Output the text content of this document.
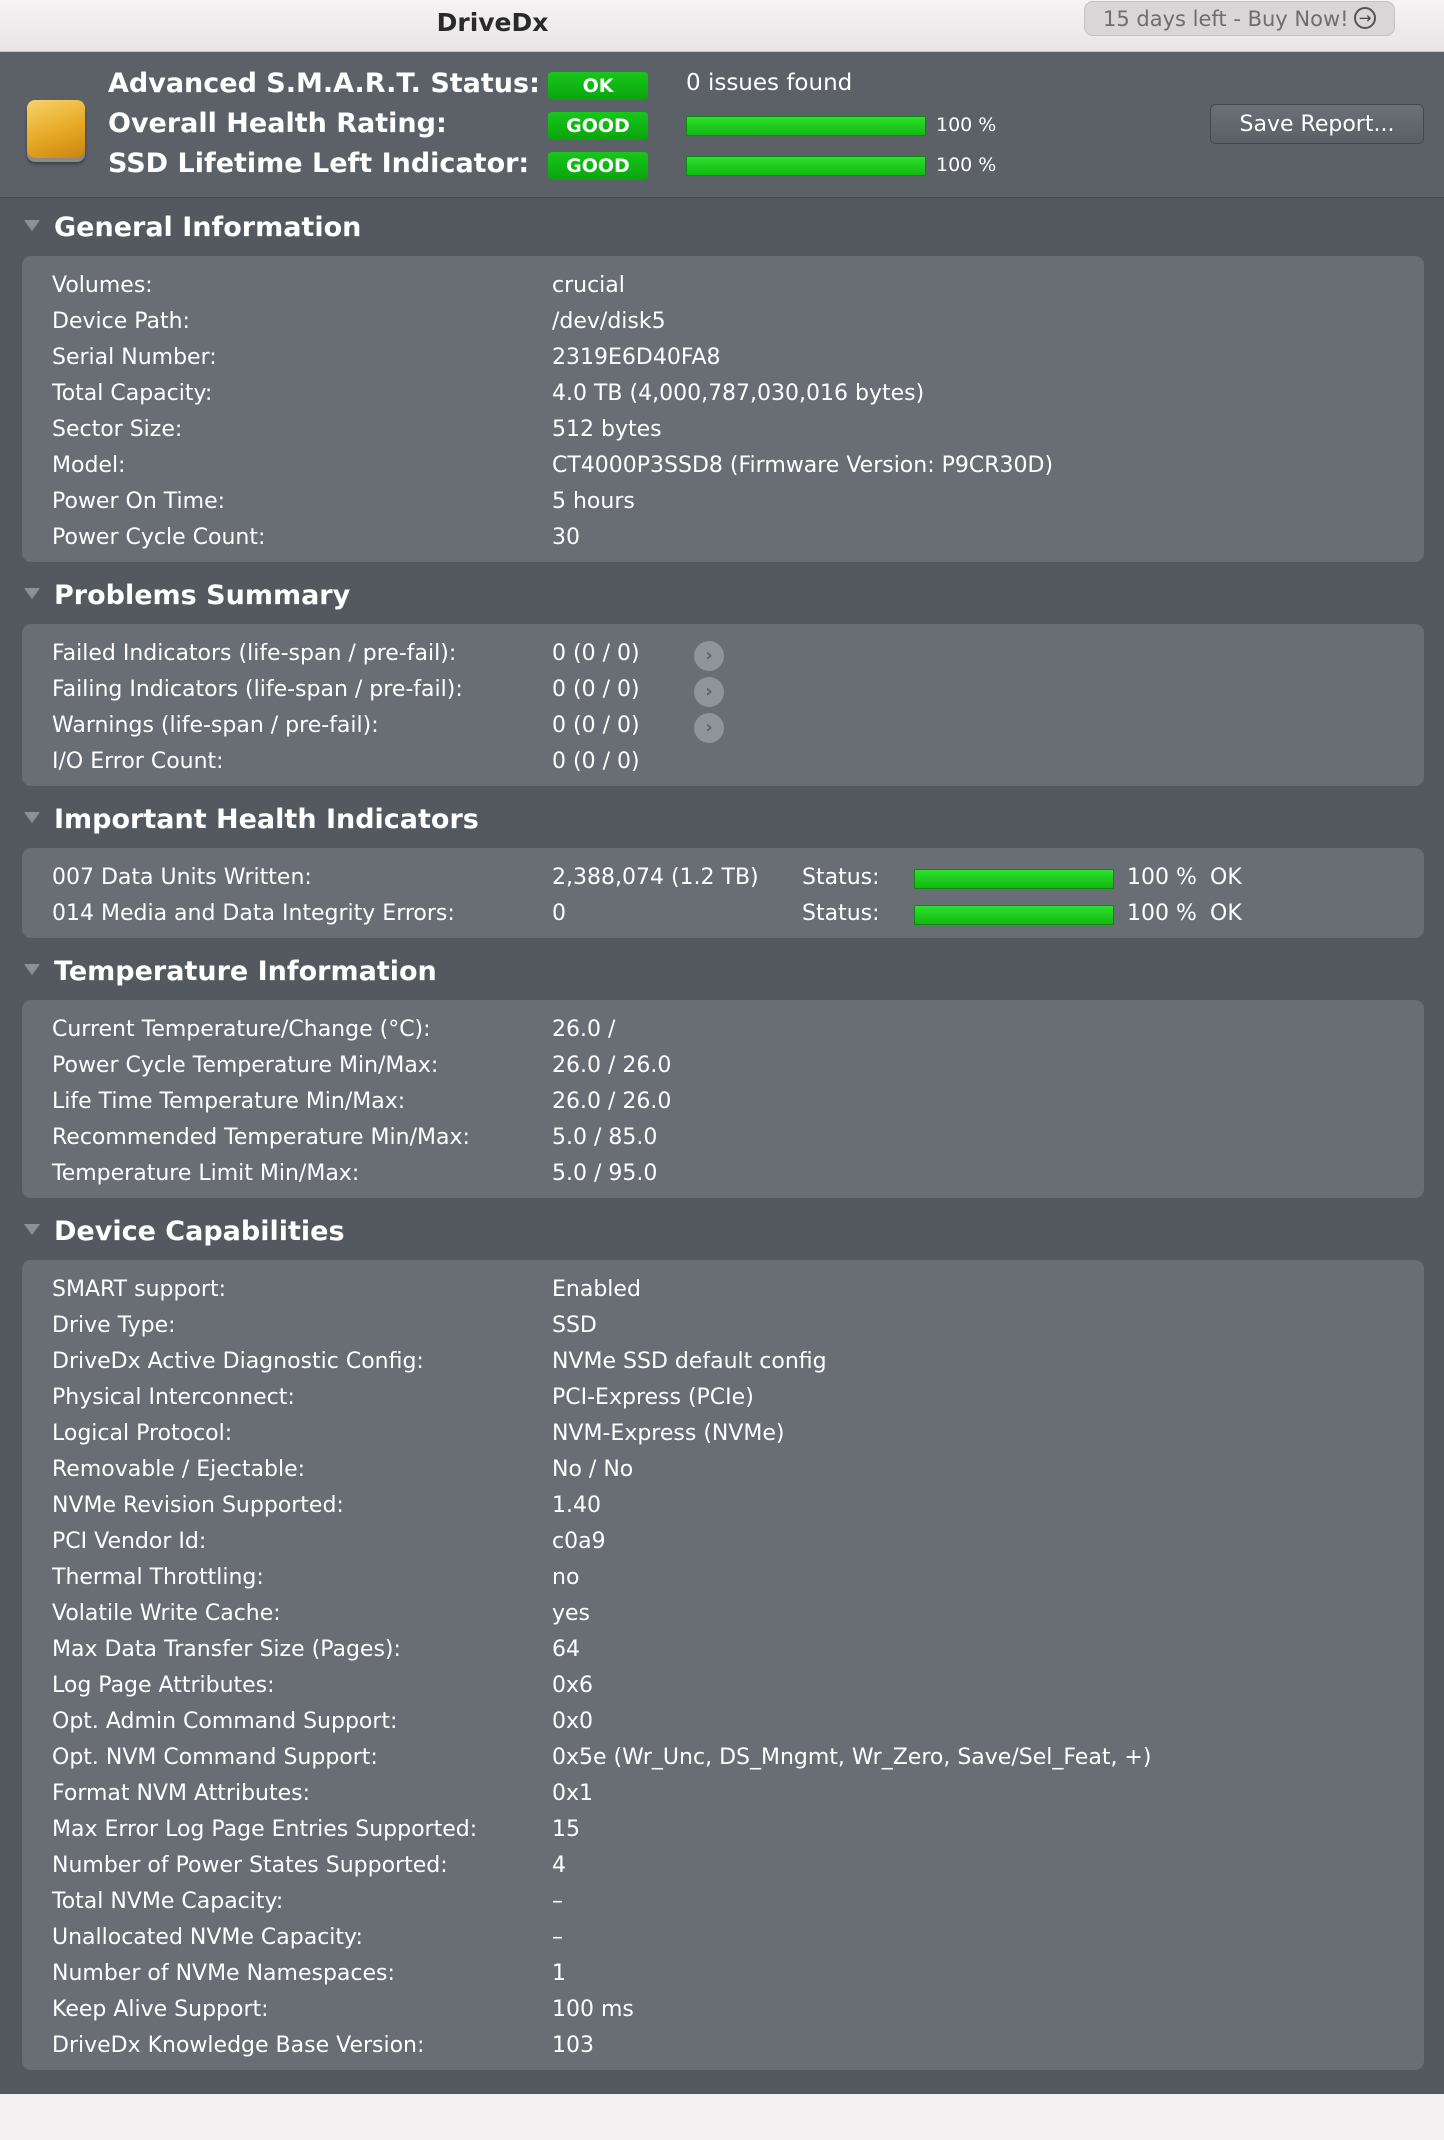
DriveDx	15 days left - Buy Now! →
Advanced S.M.A.R.T. Status:	OK	0 issues found
Overall Health Rating:	GOOD	100 %
SSD Lifetime Left Indicator:	GOOD	100 %
Save Report...
General Information
Volumes:	crucial
Device Path:	/dev/disk5
Serial Number:	2319E6D40FA8
Total Capacity:	4.0 TB (4,000,787,030,016 bytes)
Sector Size:	512 bytes
Model:	CT4000P3SSD8 (Firmware Version: P9CR30D)
Power On Time:	5 hours
Power Cycle Count:	30
Problems Summary
Failed Indicators (life-span / pre-fail):	0 (0 / 0)	›
Failing Indicators (life-span / pre-fail):	0 (0 / 0)	›
Warnings (life-span / pre-fail):	0 (0 / 0)	›
I/O Error Count:	0 (0 / 0)
Important Health Indicators
007 Data Units Written:	2,388,074 (1.2 TB) Status:	100 % OK
014 Media and Data Integrity Errors:	0	Status:	100 % OK
Temperature Information
Current Temperature/Change (°C):	26.0 /
Power Cycle Temperature Min/Max:	26.0 / 26.0
Life Time Temperature Min/Max:	26.0 / 26.0
Recommended Temperature Min/Max:	5.0 / 85.0
Temperature Limit Min/Max:	5.0 / 95.0
Device Capabilities
SMART support:	Enabled
Drive Type:	SSD
DriveDx Active Diagnostic Config:	NVMe SSD default config
Physical Interconnect:	PCI-Express (PCIe)
Logical Protocol:	NVM-Express (NVMe)
Removable / Ejectable:	No / No
NVMe Revision Supported:	1.40
PCI Vendor Id:	c0a9
Thermal Throttling:	no
Volatile Write Cache:	yes
Max Data Transfer Size (Pages):	64
Log Page Attributes:	0x6
Opt. Admin Command Support:	0x0
Opt. NVM Command Support:	0x5e (Wr_Unc, DS_Mngmt, Wr_Zero, Save/Sel_Feat, +)
Format NVM Attributes:	0x1
Max Error Log Page Entries Supported:	15
Number of Power States Supported:	4
Total NVMe Capacity:	–
Unallocated NVMe Capacity:	–
Number of NVMe Namespaces:	1
Keep Alive Support:	100 ms
DriveDx Knowledge Base Version:	103
